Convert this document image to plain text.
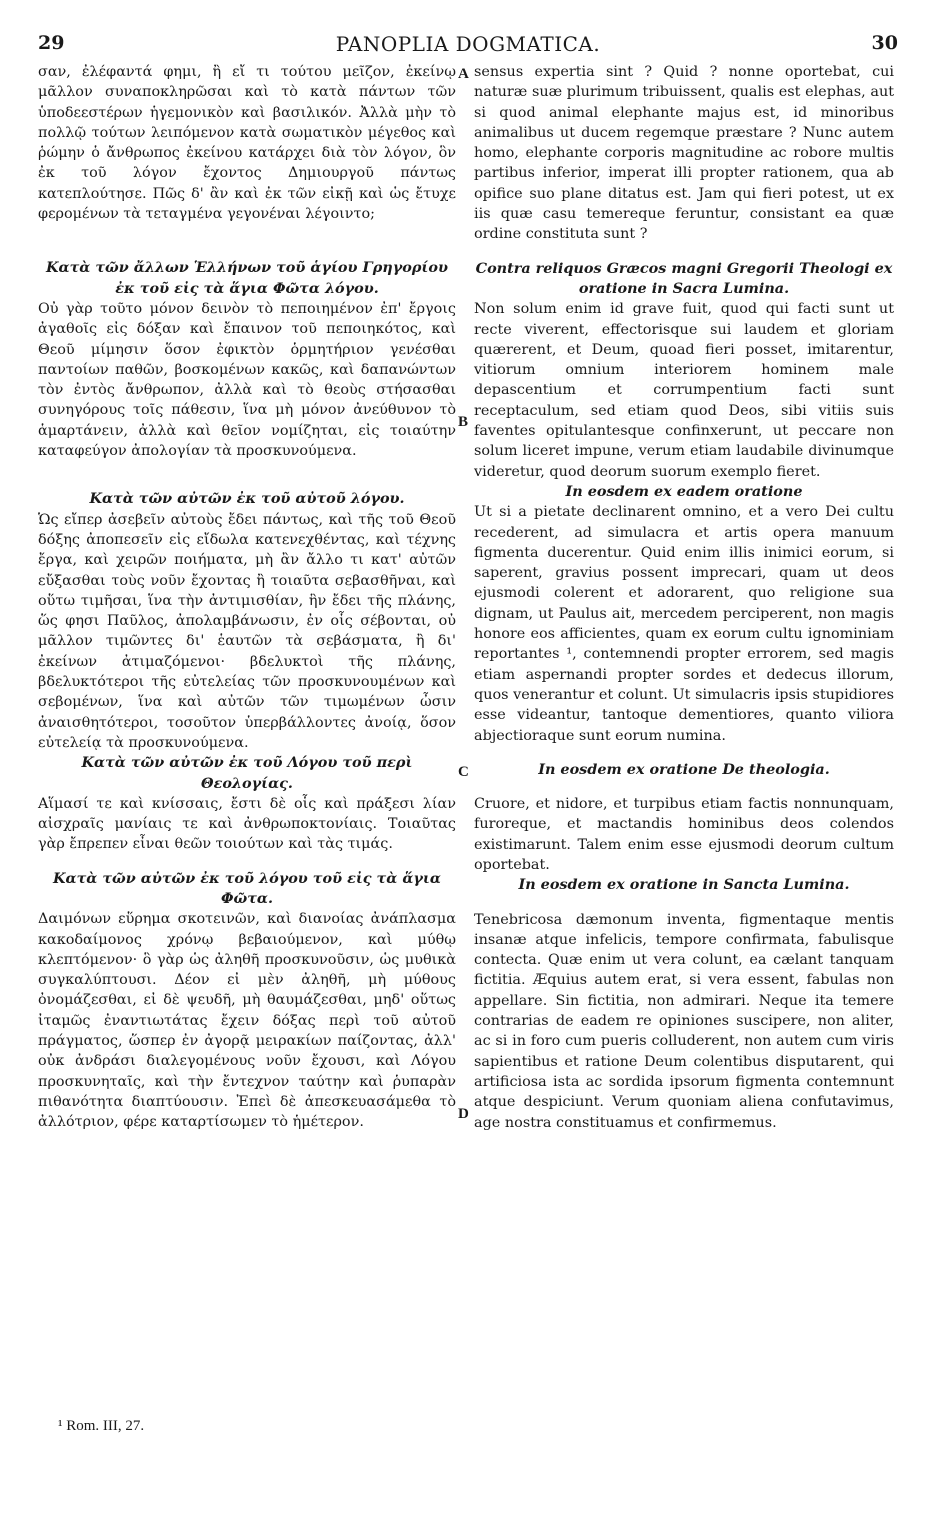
29	PANOPLIA DOGMATICA.	30

σαν, ἐλέφαντά φημι, ἢ εἴ τι τούτου μεῖζον, ἐκείνῳ μᾶλλον συναποκληρῶσαι καὶ τὸ κατὰ πάντων τῶν ὑποδεεστέρων ἡγεμονικὸν καὶ βασιλικόν. Ἀλλὰ μὴν τὸ πολλῷ τούτων λειπόμενον κατὰ σωματικὸν μέγεθος καὶ ῥώμην ὁ ἄνθρωπος ἐκείνου κατάρχει διὰ τὸν λόγον, ὃν ἐκ τοῦ λόγον ἔχοντος Δημιουργοῦ πάντως κατεπλούτησε. Πῶς δ' ἂν καὶ ἐκ τῶν εἰκῇ καὶ ὡς ἔτυχε φερομένων τὰ τεταγμένα γεγονέναι λέγοιντο;

Κατὰ τῶν ἄλλων Ἑλλήνων τοῦ ἁγίου Γρηγορίου ἐκ τοῦ εἰς τὰ ἅγια Φῶτα λόγου.

Οὐ γὰρ τοῦτο μόνον δεινὸν τὸ πεποιημένον ἐπ' ἔργοις ἀγαθοῖς εἰς δόξαν καὶ ἔπαινον τοῦ πεποιηκότος, καὶ Θεοῦ μίμησιν ὅσον ἐφικτὸν ὁρμητήριον γενέσθαι παντοίων παθῶν, βοσκομένων κακῶς, καὶ δαπανώντων τὸν ἐντὸς ἄνθρωπον, ἀλλὰ καὶ τὸ θεοὺς στήσασθαι συνηγόρους τοῖς πάθεσιν, ἵνα μὴ μόνον ἀνεύθυνον τὸ ἁμαρτάνειν, ἀλλὰ καὶ θεῖον νομίζηται, εἰς τοιαύτην καταφεύγον ἀπολογίαν τὰ προσκυνούμενα.

Κατὰ τῶν αὐτῶν ἐκ τοῦ αὐτοῦ λόγου.

Ὡς εἴπερ ἀσεβεῖν αὐτοὺς ἔδει πάντως, καὶ τῆς τοῦ Θεοῦ δόξης ἀποπεσεῖν εἰς εἴδωλα κατενεχθέντας, καὶ τέχνης ἔργα, καὶ χειρῶν ποιήματα, μὴ ἂν ἄλλο τι κατ' αὐτῶν εὔξασθαι τοὺς νοῦν ἔχοντας ἢ τοιαῦτα σεβασθῆναι, καὶ οὕτω τιμῆσαι, ἵνα τὴν ἀντιμισθίαν, ἣν ἔδει τῆς πλάνης, ὥς φησι Παῦλος, ἀπολαμβάνωσιν, ἐν οἷς σέβονται, οὐ μᾶλλον τιμῶντες δι' ἑαυτῶν τὰ σεβάσματα, ἢ δι' ἐκείνων ἀτιμαζόμενοι· βδελυκτοὶ τῆς πλάνης, βδελυκτότεροι τῆς εὐτελείας τῶν προσκυνουμένων καὶ σεβομένων, ἵνα καὶ αὐτῶν τῶν τιμωμένων ὦσιν ἀναισθητότεροι, τοσοῦτον ὑπερβάλλοντες ἀνοίᾳ, ὅσον εὐτελείᾳ τὰ προσκυνούμενα.

Κατὰ τῶν αὐτῶν ἐκ τοῦ Λόγου τοῦ περὶ Θεολογίας.

Αἵμασί τε καὶ κνίσσαις, ἔστι δὲ οἷς καὶ πράξεσι λίαν αἰσχραῖς μανίαις τε καὶ ἀνθρωποκτονίαις. Τοιαῦτας γὰρ ἔπρεπεν εἶναι θεῶν τοιούτων καὶ τὰς τιμάς.

Κατὰ τῶν αὐτῶν ἐκ τοῦ λόγου τοῦ εἰς τὰ ἅγια Φῶτα.

Δαιμόνων εὕρημα σκοτεινῶν, καὶ διανοίας ἀνάπλασμα κακοδαίμονος χρόνῳ βεβαιούμενον, καὶ μύθῳ κλεπτόμενον· ὃ γὰρ ὡς ἀληθῆ προσκυνοῦσιν, ὡς μυθικὰ συγκαλύπτουσι. Δέον εἰ μὲν ἀληθῆ, μὴ μύθους ὀνομάζεσθαι, εἰ δὲ ψευδῆ, μὴ θαυμάζεσθαι, μηδ' οὕτως ἰταμῶς ἐναντιωτάτας ἔχειν δόξας περὶ τοῦ αὐτοῦ πράγματος, ὥσπερ ἐν ἀγορᾷ μειρακίων παίζοντας, ἀλλ' οὐκ ἀνδράσι διαλεγομένους νοῦν ἔχουσι, καὶ Λόγου προσκυνηταῖς, καὶ τὴν ἔντεχνον ταύτην καὶ ῥυπαρὰν πιθανότητα διαπτύουσιν. Ἐπεὶ δὲ ἀπεσκευασάμεθα τὸ ἀλλότριον, φέρε καταρτίσωμεν τὸ ἡμέτερον.

sensus expertia sint ? Quid ? nonne oportebat, cui naturæ suæ plurimum tribuissent, qualis est elephas, aut si quod animal elephante majus est, id minoribus animalibus ut ducem regemque præstare ? Nunc autem homo, elephante corporis magnitudine ac robore multis partibus inferior, imperat illi propter rationem, qua ab opifice suo plane ditatus est. Jam qui fieri potest, ut ex iis quæ casu temereque feruntur, consistant ea quæ ordine constituta sunt ?

Contra reliquos Græcos magni Gregorii Theologi ex oratione in Sacra Lumina.

Non solum enim id grave fuit, quod qui facti sunt ut recte viverent, effectorisque sui laudem et gloriam quærerent, et Deum, quoad fieri posset, imitarentur, vitiorum omnium interiorem hominem male depascentium et corrumpentium facti sunt receptaculum, sed etiam quod Deos, sibi vitiis suis faventes opitulantesque confinxerunt, ut peccare non solum liceret impune, verum etiam laudabile divinumque videretur, quod deorum suorum exemplo fieret.

In eosdem ex eadem oratione

Ut si a pietate declinarent omnino, et a vero Dei cultu recederent, ad simulacra et artis opera manuum figmenta ducerentur. Quid enim illis inimici eorum, si saperent, gravius possent imprecari, quam ut deos ejusmodi colerent et adorarent, quo religione sua dignam, ut Paulus ait, mercedem perciperent, non magis honore eos afficientes, quam ex eorum cultu ignominiam reportantes ¹, contemnendi propter errorem, sed magis etiam aspernandi propter sordes et dedecus illorum, quos venerantur et colunt. Ut simulacris ipsis stupidiores esse videantur, tantoque dementiores, quanto viliora abjectioraque sunt eorum numina.

In eosdem ex oratione De theologia.

Cruore, et nidore, et turpibus etiam factis nonnunquam, furoreque, et mactandis hominibus deos colendos existimarunt. Talem enim esse ejusmodi deorum cultum oportebat.

In eosdem ex oratione in Sancta Lumina.

Tenebricosa dæmonum inventa, figmentaque mentis insanæ atque infelicis, tempore confirmata, fabulisque contecta. Quæ enim ut vera colunt, ea cælant tanquam fictitia. Æquius autem erat, si vera essent, fabulas non appellare. Sin fictitia, non admirari. Neque ita temere contrarias de eadem re opiniones suscipere, non aliter, ac si in foro cum pueris colluderent, non autem cum viris sapientibus et ratione Deum colentibus disputarent, qui artificiosa ista ac sordida ipsorum figmenta contemnunt atque despiciunt. Verum quoniam aliena confutavimus, age nostra constituamus et confirmemus.

A
B
C
D
¹ Rom. III, 27.
